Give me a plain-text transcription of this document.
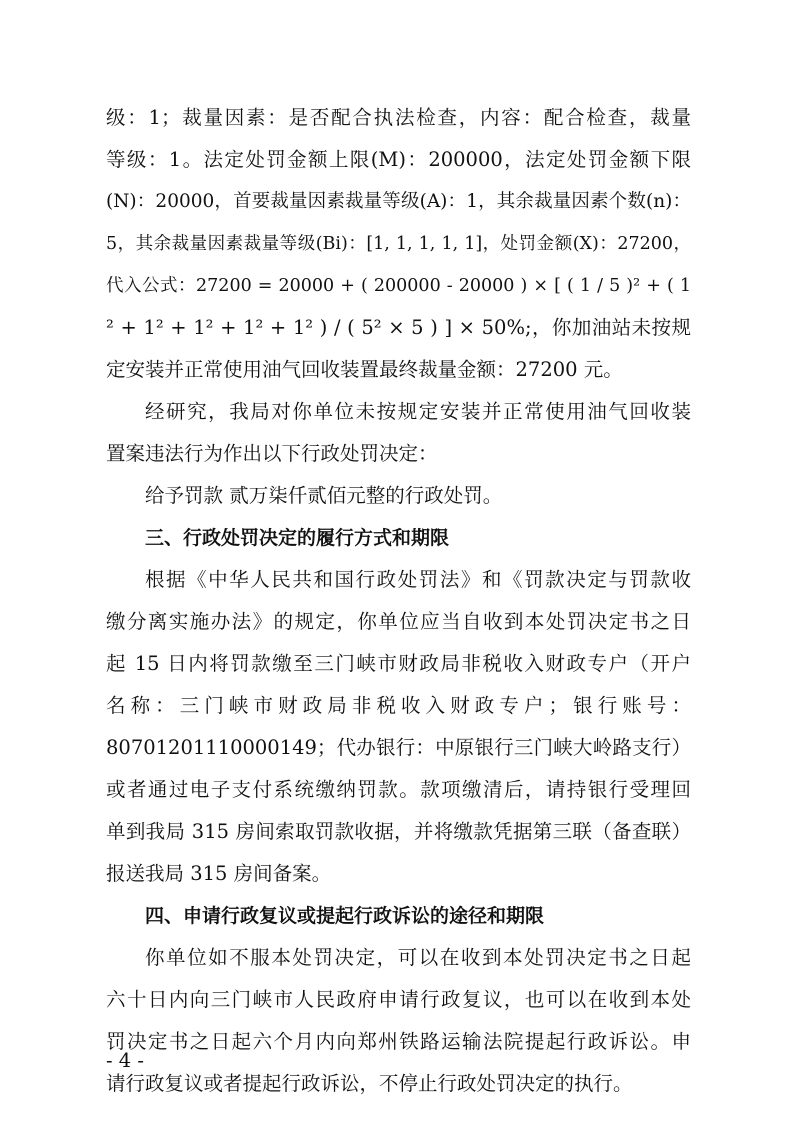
级：1；裁量因素：是否配合执法检查，内容：配合检查，裁量
等级：1。法定处罚金额上限(M)：200000，法定处罚金额下限
(N)：20000，首要裁量因素裁量等级(A)：1，其余裁量因素个数(n)：
5，其余裁量因素裁量等级(Bi)：[1, 1, 1, 1, 1]，处罚金额(X)：27200，
代入公式：27200 = 20000 + ( 200000 - 20000 ) × [ ( 1 / 5 )² + ( 1
² + 1² + 1² + 1² + 1² ) / ( 5² × 5 ) ] × 50%;，你加油站未按规
定安装并正常使用油气回收装置最终裁量金额：27200 元。
经研究，我局对你单位未按规定安装并正常使用油气回收装
置案违法行为作出以下行政处罚决定：
给予罚款 贰万柒仟贰佰元整的行政处罚。
三、行政处罚决定的履行方式和期限
根据《中华人民共和国行政处罚法》和《罚款决定与罚款收
缴分离实施办法》的规定，你单位应当自收到本处罚决定书之日
起 15 日内将罚款缴至三门峡市财政局非税收入财政专户（开户
名称：三门峡市财政局非税收入财政专户；银行账号：
80701201110000149；代办银行：中原银行三门峡大岭路支行）
或者通过电子支付系统缴纳罚款。款项缴清后，请持银行受理回
单到我局 315 房间索取罚款收据，并将缴款凭据第三联（备查联）
报送我局 315 房间备案。
四、申请行政复议或提起行政诉讼的途径和期限
你单位如不服本处罚决定，可以在收到本处罚决定书之日起
六十日内向三门峡市人民政府申请行政复议，也可以在收到本处
罚决定书之日起六个月内向郑州铁路运输法院提起行政诉讼。申
请行政复议或者提起行政诉讼，不停止行政处罚决定的执行。
- 4 -
